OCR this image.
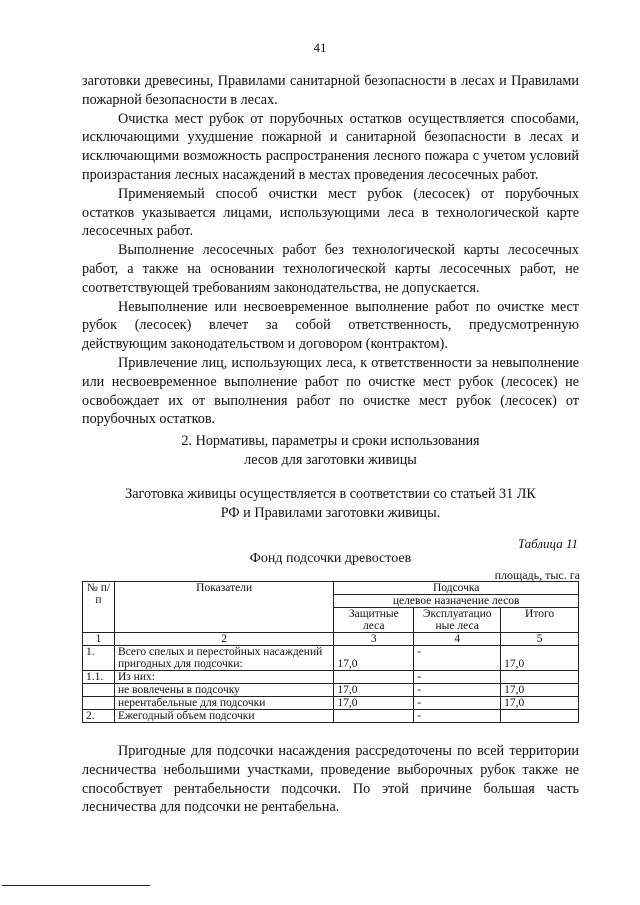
41

заготовки древесины, Правилами санитарной безопасности в лесах и Правилами пожарной безопасности в лесах.

Очистка мест рубок от порубочных остатков осуществляется способами, исключающими ухудшение пожарной и санитарной безопасности в лесах и исключающими возможность распространения лесного пожара с учетом условий произрастания лесных насаждений в местах проведения лесосечных работ.

Применяемый способ очистки мест рубок (лесосек) от порубочных остатков указывается лицами, использующими леса в технологической карте лесосечных работ.

Выполнение лесосечных работ без технологической карты лесосечных работ, а также на основании технологической карты лесосечных работ, не соответствующей требованиям законодательства, не допускается.

Невыполнение или несвоевременное выполнение работ по очистке мест рубок (лесосек) влечет за собой ответственность, предусмотренную действующим законодательством и договором (контрактом).

Привлечение лиц, использующих леса, к ответственности за невыполнение или несвоевременное выполнение работ по очистке мест рубок (лесосек) не освобождает их от выполнения работ по очистке мест рубок (лесосек) от порубочных остатков.

2. Нормативы, параметры и сроки использования
лесов для заготовки живицы
Заготовка живицы осуществляется в соответствии со статьей 31 ЛК
РФ и Правилами заготовки живицы.
Таблица 11
Фонд подсочки древостоев
площадь, тыс. га
№ п/п	Показатели	Подсочка		
		целевое назначение лесов		
		Защитные леса	Эксплуатацио ные леса	Итого
1	2	3	4	5
1.	Всего спелых и перестойных насаждений пригодных для подсочки:	17,0	-	17,0
1.1.	Из них:		-	
	не вовлечены в подсочку	17,0	-	17,0
	нерентабельные для подсочки	17,0	-	17,0
2.	Ежегодный объем подсочки		-	

Пригодные для подсочки насаждения рассредоточены по всей территории лесничества небольшими участками, проведение выборочных рубок также не способствует рентабельности подсочки. По этой причине большая часть лесничества для подсочки не рентабельна.
